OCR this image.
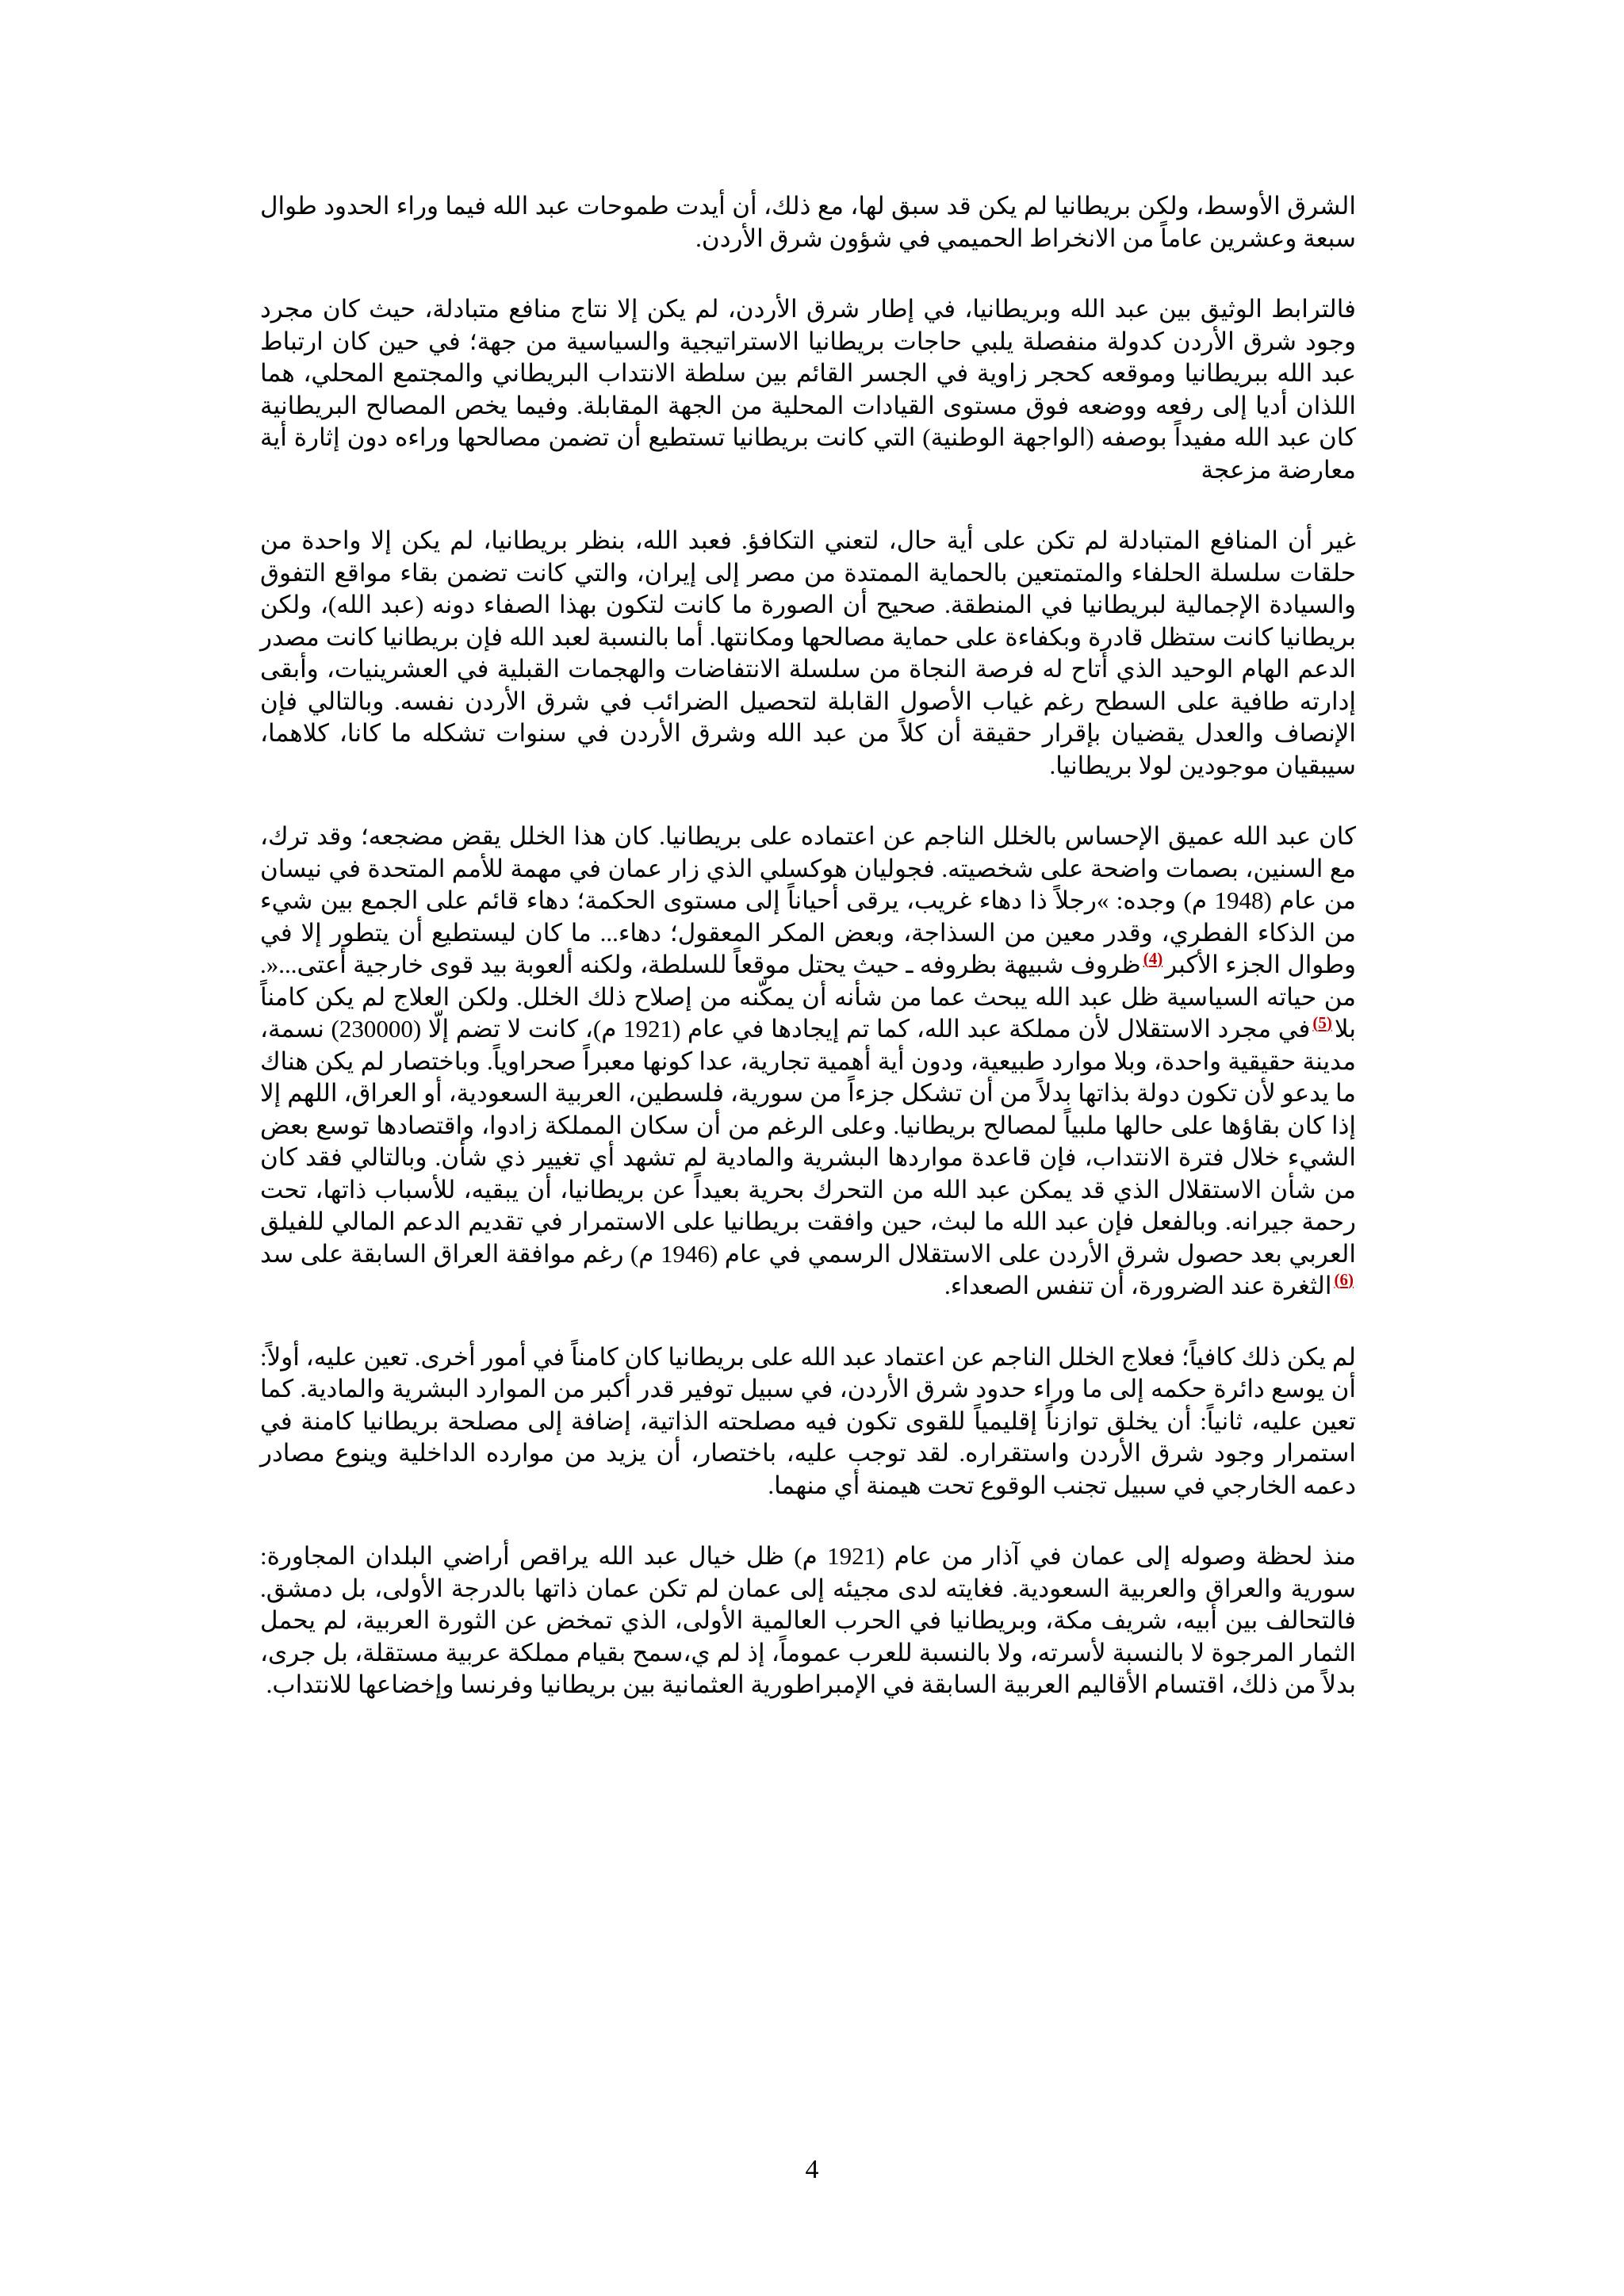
الشرق الأوسط، ولكن بريطانيا لم يكن قد سبق لها، مع ذلك، أن أيدت طموحات عبد الله فيما وراء الحدود طوال سبعة وعشرين عاماً من الانخراط الحميمي في شؤون شرق الأردن.

فالترابط الوثيق بين عبد الله وبريطانيا، في إطار شرق الأردن، لم يكن إلا نتاج منافع متبادلة، حيث كان مجرد وجود شرق الأردن كدولة منفصلة يلبي حاجات بريطانيا الاستراتيجية والسياسية من جهة؛ في حين كان ارتباط عبد الله ببريطانيا وموقعه كحجر زاوية في الجسر القائم بين سلطة الانتداب البريطاني والمجتمع المحلي، هما اللذان أديا إلى رفعه ووضعه فوق مستوى القيادات المحلية من الجهة المقابلة. وفيما يخص المصالح البريطانية كان عبد الله مفيداً بوصفه (الواجهة الوطنية) التي كانت بريطانيا تستطيع أن تضمن مصالحها وراءه دون إثارة أية معارضة مزعجة

غير أن المنافع المتبادلة لم تكن على أية حال، لتعني التكافؤ. فعبد الله، بنظر بريطانيا، لم يكن إلا واحدة من حلقات سلسلة الحلفاء والمتمتعين بالحماية الممتدة من مصر إلى إيران، والتي كانت تضمن بقاء مواقع التفوق والسيادة الإجمالية لبريطانيا في المنطقة. صحيح أن الصورة ما كانت لتكون بهذا الصفاء دونه (عبد الله)، ولكن بريطانيا كانت ستظل قادرة وبكفاءة على حماية مصالحها ومكانتها. أما بالنسبة لعبد الله فإن بريطانيا كانت مصدر الدعم الهام الوحيد الذي أتاح له فرصة النجاة من سلسلة الانتفاضات والهجمات القبلية في العشرينيات، وأبقى إدارته طافية على السطح رغم غياب الأصول القابلة لتحصيل الضرائب في شرق الأردن نفسه. وبالتالي فإن الإنصاف والعدل يقضيان بإقرار حقيقة أن كلاً من عبد الله وشرق الأردن في سنوات تشكله ما كانا، كلاهما، سيبقيان موجودين لولا بريطانيا.

كان عبد الله عميق الإحساس بالخلل الناجم عن اعتماده على بريطانيا. كان هذا الخلل يقض مضجعه؛ وقد ترك، مع السنين، بصمات واضحة على شخصيته. فجوليان هوكسلي الذي زار عمان في مهمة للأمم المتحدة في نيسان من عام (1948 م) وجده: »رجلاً ذا دهاء غريب، يرقى أحياناً إلى مستوى الحكمة؛ دهاء قائم على الجمع بين شيء من الذكاء الفطري، وقدر معين من السذاجة، وبعض المكر المعقول؛ دهاء... ما كان ليستطيع أن يتطور إلا في ظروف شبيهة بظروفه ـ حيث يحتل موقعاً للسلطة، ولكنه ألعوبة بيد قوى خارجية أعتى...«. $^{(4)}$وطوال الجزء الأكبر من حياته السياسية ظل عبد الله يبحث عما من شأنه أن يمكّنه من إصلاح ذلك الخلل. ولكن العلاج لم يكن كامناً في مجرد الاستقلال لأن مملكة عبد الله، كما تم إيجادها في عام (1921 م)، كانت لا تضم إلّا (230000) نسمة، $^{(5)}$بلا مدينة حقيقية واحدة، وبلا موارد طبيعية، ودون أية أهمية تجارية، عدا كونها معبراً صحراوياً. وباختصار لم يكن هناك ما يدعو لأن تكون دولة بذاتها بدلاً من أن تشكل جزءاً من سورية، فلسطين، العربية السعودية، أو العراق، اللهم إلا إذا كان بقاؤها على حالها ملبياً لمصالح بريطانيا. وعلى الرغم من أن سكان المملكة زادوا، واقتصادها توسع بعض الشيء خلال فترة الانتداب، فإن قاعدة مواردها البشرية والمادية لم تشهد أي تغيير ذي شأن. وبالتالي فقد كان من شأن الاستقلال الذي قد يمكن عبد الله من التحرك بحرية بعيداً عن بريطانيا، أن يبقيه، للأسباب ذاتها، تحت رحمة جيرانه. وبالفعل فإن عبد الله ما لبث، حين وافقت بريطانيا على الاستمرار في تقديم الدعم المالي للفيلق العربي بعد حصول شرق الأردن على الاستقلال الرسمي في عام (1946 م) رغم موافقة العراق السابقة على سد الثغرة عند الضرورة، أن تنفس الصعداء. $^{(6)}$

لم يكن ذلك كافياً؛ فعلاج الخلل الناجم عن اعتماد عبد الله على بريطانيا كان كامناً في أمور أخرى. تعين عليه، أولاً: أن يوسع دائرة حكمه إلى ما وراء حدود شرق الأردن، في سبيل توفير قدر أكبر من الموارد البشرية والمادية. كما تعين عليه، ثانياً: أن يخلق توازناً إقليمياً للقوى تكون فيه مصلحته الذاتية، إضافة إلى مصلحة بريطانيا كامنة في استمرار وجود شرق الأردن واستقراره. لقد توجب عليه، باختصار، أن يزيد من موارده الداخلية وينوع مصادر دعمه الخارجي في سبيل تجنب الوقوع تحت هيمنة أي منهما.

منذ لحظة وصوله إلى عمان في آذار من عام (1921 م) ظل خيال عبد الله يراقص أراضي البلدان المجاورة: سورية والعراق والعربية السعودية. فغايته لدى مجيئه إلى عمان لم تكن عمان ذاتها بالدرجة الأولى، بل دمشق. فالتحالف بين أبيه، شريف مكة، وبريطانيا في الحرب العالمية الأولى، الذي تمخض عن الثورة العربية، لم يحمل الثمار المرجوة لا بالنسبة لأسرته، ولا بالنسبة للعرب عموماً، إذ لم ي،سمح بقيام مملكة عربية مستقلة، بل جرى، بدلاً من ذلك، اقتسام الأقاليم العربية السابقة في الإمبراطورية العثمانية بين بريطانيا وفرنسا وإخضاعها للانتداب.

4
